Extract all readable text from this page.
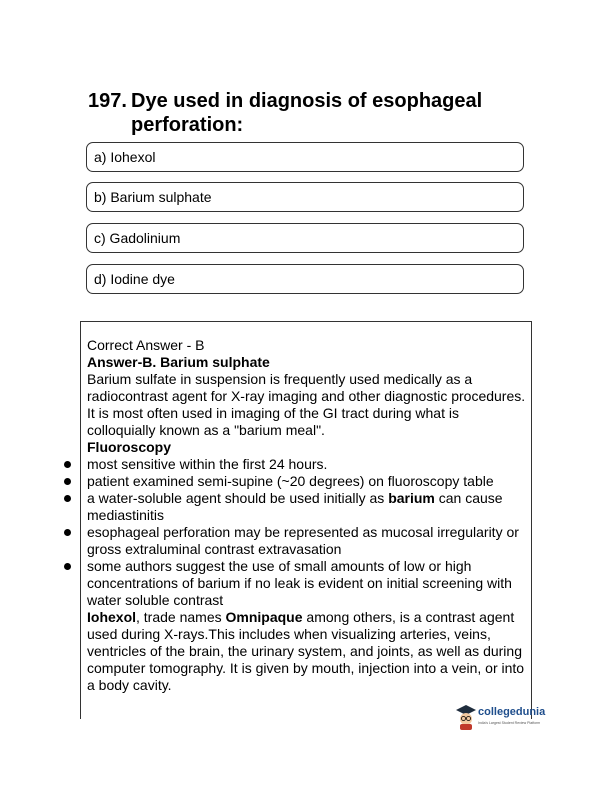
197. Dye used in diagnosis of esophageal perforation:
a) Iohexol
b) Barium sulphate
c) Gadolinium
d) Iodine dye

Correct Answer - B

Answer-B. Barium sulphate

Barium sulfate in suspension is frequently used medically as a radiocontrast agent for X-ray imaging and other diagnostic procedures.

It is most often used in imaging of the GI tract during what is colloquially known as a "barium meal".

Fluoroscopy

most sensitive within the first 24 hours.
patient examined semi-supine (~20 degrees) on fluoroscopy table
a water-soluble agent should be used initially as barium can cause mediastinitis
esophageal perforation may be represented as mucosal irregularity or gross extraluminal contrast extravasation
some authors suggest the use of small amounts of low or high concentrations of barium if no leak is evident on initial screening with water soluble contrast

Iohexol, trade names Omnipaque among others, is a contrast agent used during X-rays.This includes when visualizing arteries, veins, ventricles of the brain, the urinary system, and joints, as well as during computer tomography. It is given by mouth, injection into a vein, or into a body cavity.

collegedunia
India's Largest Student Review Platform
